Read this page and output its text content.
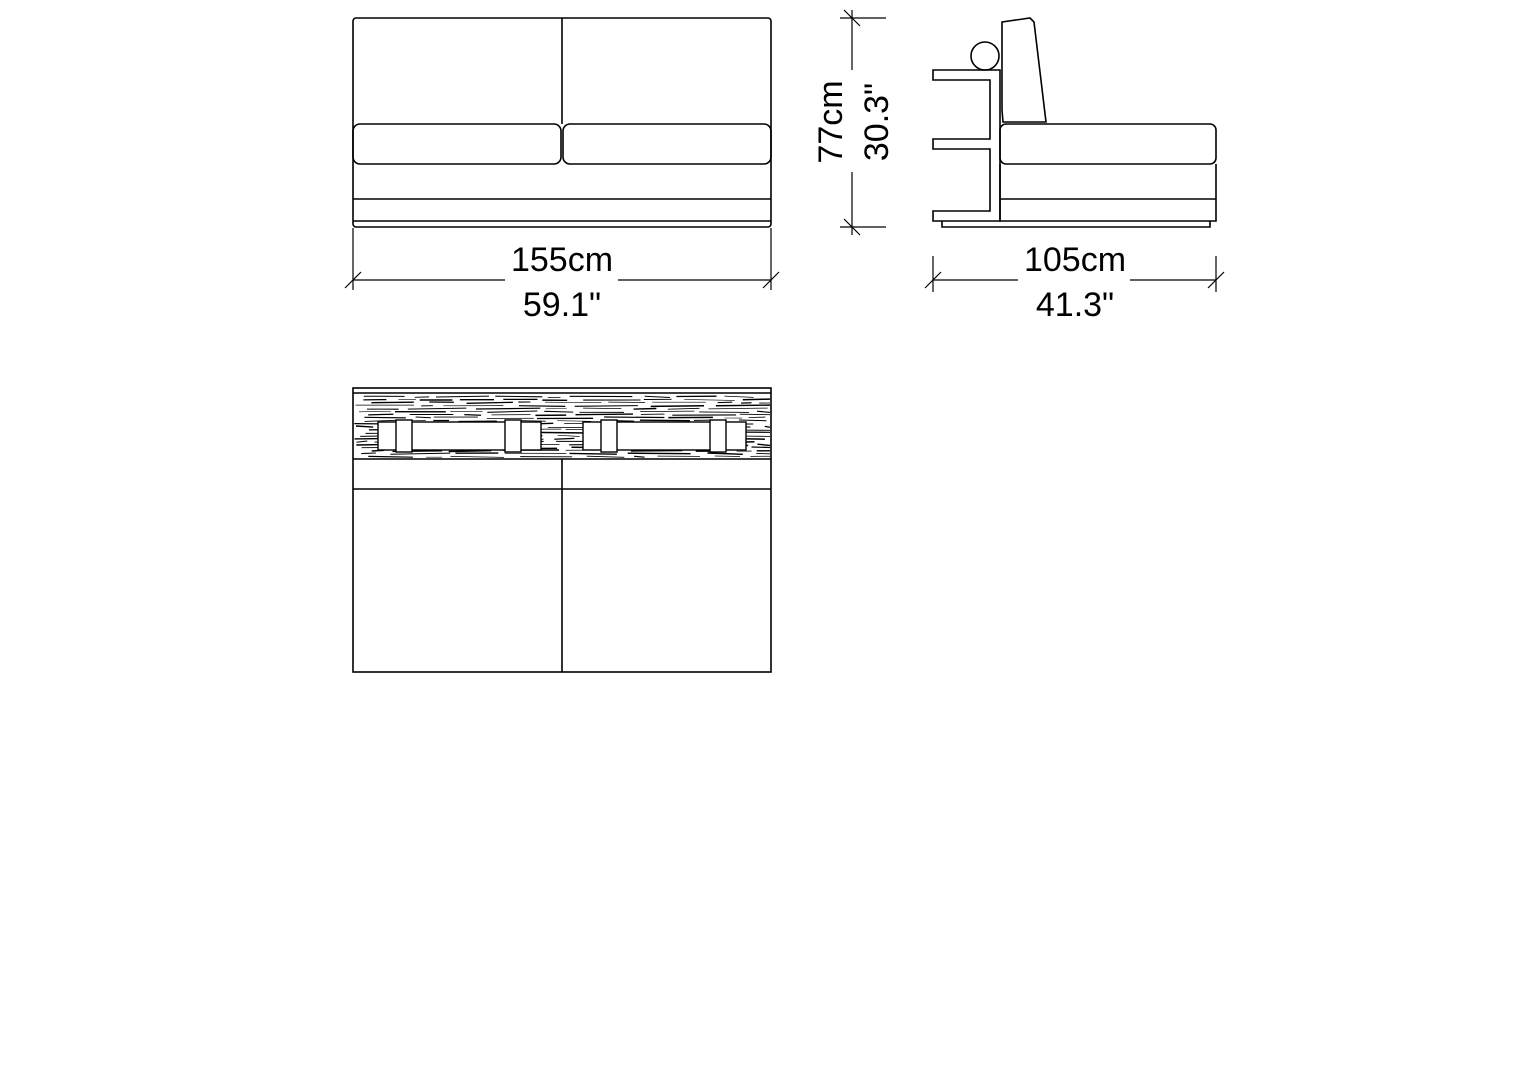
155cm
59.1"
77cm 30.3"
105cm
41.3"
